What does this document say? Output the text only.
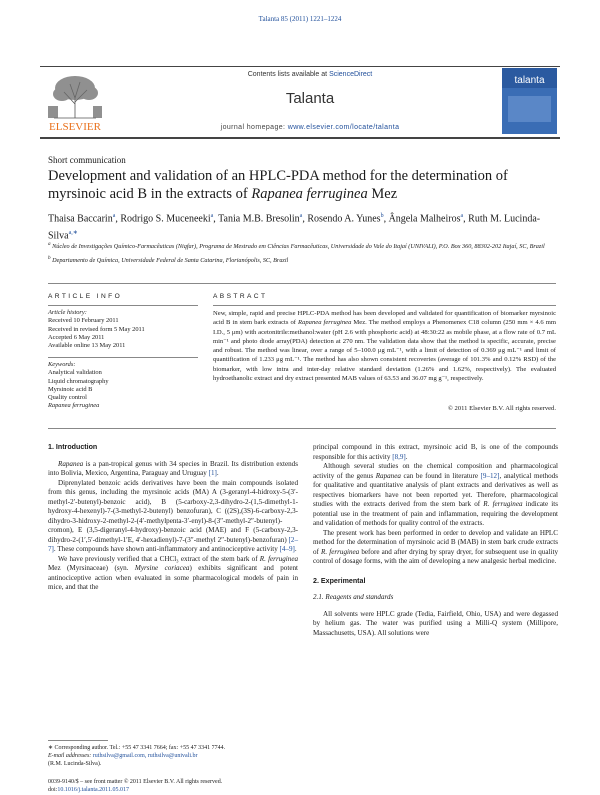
Talanta 85 (2011) 1221–1224
ELSEVIER
Contents lists available at ScienceDirect
Talanta
journal homepage: www.elsevier.com/locate/talanta
talanta
Short communication
Development and validation of an HPLC-PDA method for the determination of myrsinoic acid B in the extracts of Rapanea ferruginea Mez
Thaisa Baccarin$^a$, Rodrigo S. Muceneeki$^a$, Tania M.B. Bresolin$^a$, Rosendo A. Yunes$^b$, Ângela Malheiros$^a$, Ruth M. Lucinda-Silva$^{a,∗}$
$^a$ Núcleo de Investigações Químico-Farmacêuticas (Niqfar), Programa de Mestrado em Ciências Farmacêuticas, Universidade do Vale do Itajaí (UNIVALI), P.O. Box 360, 88302-202 Itajaí, SC, Brazil
$^b$ Departamento de Química, Universidade Federal de Santa Catarina, Florianópolis, SC, Brazil
ARTICLE INFO
Article history:
Received 10 February 2011
Received in revised form 5 May 2011
Accepted 6 May 2011
Available online 13 May 2011
Keywords:
Analytical validation
Liquid chromatography
Myrsinoic acid B
Quality control
Rapanea ferruginea
ABSTRACT
New, simple, rapid and precise HPLC-PDA method has been developed and validated for quantification of biomarker myrsinoic acid B in stem bark extracts of Rapanea ferruginea Mez. The method employs a Phenomenex C18 column (250 mm × 4.6 mm I.D., 5 μm) with acetonitrile:methanol:water (pH 2.6 with phosphoric acid) at 48:30:22 as mobile phase, at a flow rate of 0.7 mL min⁻¹ and photo diode array(PDA) detection at 270 nm. The validation data show that the method is specific, accurate, precise and robust. The method was linear, over a range of 5–100.0 μg mL⁻¹, with a limit of detection of 0.369 μg mL⁻¹ and limit of quantification of 1.233 μg mL⁻¹. The method has also shown consistent recoveries (average of 101.3% and 0.12% RSD) of the biomarker, with low intra and inter-day relative standard deviation (1.26% and 1.62%, respectively). The evaluated hydroethanolic extract and dry extract presented MAB values of 63.53 and 36.07 mg g⁻¹, respectively.
© 2011 Elsevier B.V. All rights reserved.
1. Introduction

Rapanea is a pan-tropical genus with 34 species in Brazil. Its distribution extends into Bolivia, Mexico, Argentina, Paraguay and Uruguay [1].

Diprenylated benzoic acids derivatives have been the main compounds isolated from this genus, including the myrsinoic acids (MA) A (3-geranyl-4-hidroxy-5-(3′-methyl-2′-butenyl)-benzoic acid), B (5-carboxy-2,3-dihydro-2-(1,5-dimethyl-1-hydroxy-4-hexenyl)-7-(3-methyl-2-butenyl) benzofuran), C ((2S),(3S)-6-carboxy-2,3-dihydro-3-hidroxy-2-methyl-2-(4′-methylpenta-3′-enyl)-8-(3″-methyl-2″-butenyl)-cromon), E (3,5-digeranyl-4-hydroxy)-benzoic acid (MAE) and F (5-carboxy-2,3-dihydro-2-(1′,5′-dimethyl-1′E, 4′-hexadienyl)-7-(3″-methyl 2″-butenyl)-benzofuran) [2–7]. These compounds have shown anti-inflammatory and antinociceptive activity [4–9].

We have previously verified that a CHCl₃ extract of the stem bark of R. ferruginea Mez (Myrsinaceae) (syn. Myrsine coriacea) exhibits significant and potent antinociceptive action when evaluated in some pharmacological models of pain in mice, and that the

principal compound in this extract, myrsinoic acid B, is one of the compounds responsible for this activity [8,9].

Although several studies on the chemical composition and pharmacological activity of the genus Rapanea can be found in literature [9–12], analytical methods for qualitative and quantitative analysis of plant extracts and derivatives as well as respectives biomarkers have not been reported yet. Therefore, pharmacological studies with the extracts derived from the stem bark of R. ferruginea indicate its potential use in the treatment of pain and inflammation, requiring the development and validation of methods for quality control of the extracts.

The present work has been performed in order to develop and validate an HPLC method for the determination of myrsinoic acid B (MAB) in stem bark crude extracts of R. ferruginea before and after drying by spray dryer, for subsequent use in quality control of dosage forms, with the aim of developing a new analgesic herbal medicine.

2. Experimental
2.1. Reagents and standards

All solvents were HPLC grade (Tedia, Fairfield, Ohio, USA) and were degassed by helium gas. The water was purified using a Milli-Q system (Millipore, Massachusetts, USA). All solutions were

∗ Corresponding author. Tel.: +55 47 3341 7664; fax: +55 47 3341 7744.
E-mail addresses: ruthsilva@gmail.com, ruthsilva@univali.br
(R.M. Lucinda-Silva).
0039-9140/$ – see front matter © 2011 Elsevier B.V. All rights reserved.
doi:10.1016/j.talanta.2011.05.017
